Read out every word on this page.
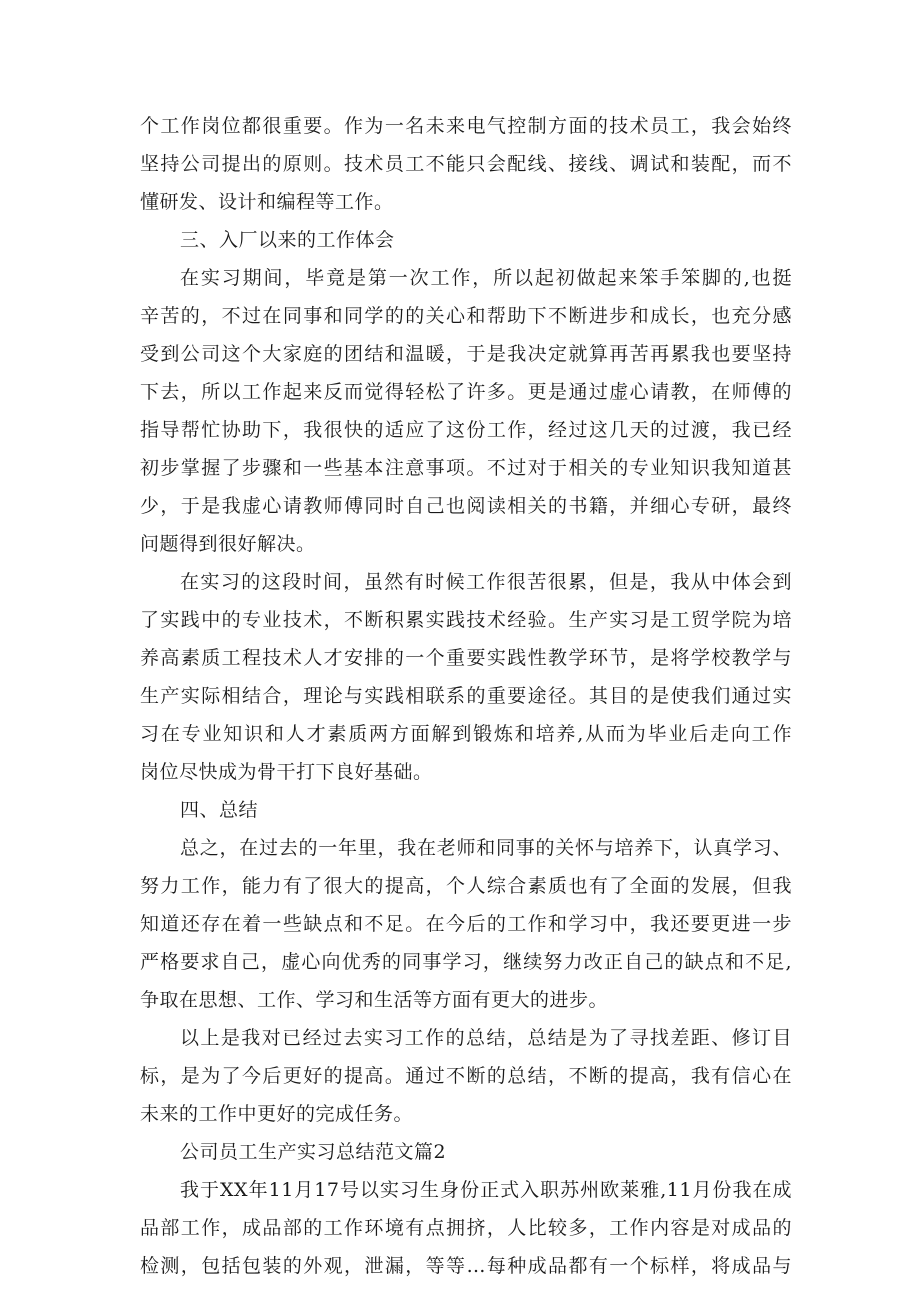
个工作岗位都很重要。作为一名未来电气控制方面的技术员工，我会始终
坚持公司提出的原则。技术员工不能只会配线、接线、调试和装配，而不
懂研发、设计和编程等工作。
三、入厂以来的工作体会
在实习期间，毕竟是第一次工作，所以起初做起来笨手笨脚的,也挺
辛苦的，不过在同事和同学的的关心和帮助下不断进步和成长，也充分感
受到公司这个大家庭的团结和温暖，于是我决定就算再苦再累我也要坚持
下去，所以工作起来反而觉得轻松了许多。更是通过虚心请教，在师傅的
指导帮忙协助下，我很快的适应了这份工作，经过这几天的过渡，我已经
初步掌握了步骤和一些基本注意事项。不过对于相关的专业知识我知道甚
少，于是我虚心请教师傅同时自己也阅读相关的书籍，并细心专研，最终
问题得到很好解决。
在实习的这段时间，虽然有时候工作很苦很累，但是，我从中体会到
了实践中的专业技术，不断积累实践技术经验。生产实习是工贸学院为培
养高素质工程技术人才安排的一个重要实践性教学环节，是将学校教学与
生产实际相结合，理论与实践相联系的重要途径。其目的是使我们通过实
习在专业知识和人才素质两方面解到锻炼和培养,从而为毕业后走向工作
岗位尽快成为骨干打下良好基础。
四、总结
总之，在过去的一年里，我在老师和同事的关怀与培养下，认真学习、
努力工作，能力有了很大的提高，个人综合素质也有了全面的发展，但我
知道还存在着一些缺点和不足。在今后的工作和学习中，我还要更进一步
严格要求自己，虚心向优秀的同事学习，继续努力改正自己的缺点和不足,
争取在思想、工作、学习和生活等方面有更大的进步。
以上是我对已经过去实习工作的总结，总结是为了寻找差距、修订目
标，是为了今后更好的提高。通过不断的总结，不断的提高，我有信心在
未来的工作中更好的完成任务。
公司员工生产实习总结范文篇2
我于XX年11月17号以实习生身份正式入职苏州欧莱雅,11月份我在成
品部工作，成品部的工作环境有点拥挤，人比较多，工作内容是对成品的
检测，包括包装的外观，泄漏，等等…每种成品都有一个标样，将成品与
